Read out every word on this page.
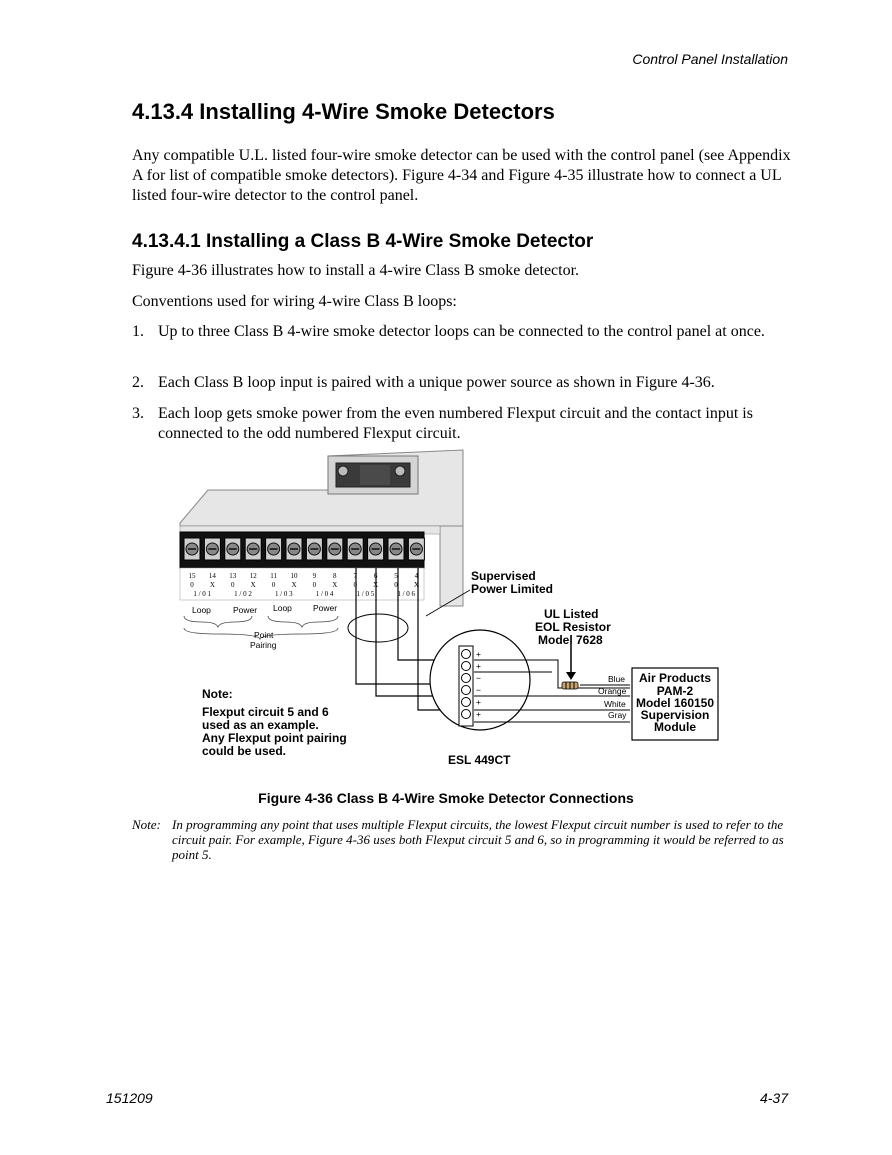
Control Panel Installation
4.13.4 Installing 4-Wire Smoke Detectors

Any compatible U.L. listed four-wire smoke detector can be used with the control panel (see Appendix A for list of compatible smoke detectors). Figure 4-34 and Figure 4-35 illustrate how to connect a UL listed four-wire detector to the control panel.

4.13.4.1 Installing a Class B 4-Wire Smoke Detector

Figure 4-36 illustrates how to install a 4-wire Class B smoke detector.

Conventions used for wiring 4-wire Class B loops:

1. Up to three Class B 4-wire smoke detector loops can be connected to the control panel at once.
2. Each Class B loop input is paired with a unique power source as shown in Figure 4-36.
3. Each loop gets smoke power from the even numbered Flexput circuit and the contact input is connected to the odd numbered Flexput circuit.
15
0
14
X
13
0
12
X
11
0
10
X
9
0
8
X
7
0
6
X
5
0
4
X
1 / 0 1	1 / 0 2	1 / 0 3	1 / 0 4	1 / 0 5	1 / 0 6
Loop	Power Loop Power
Point
Pairing
Supervised
Power Limited
+
+
−
−
+
+
UL Listed
EOL Resistor
Model 7628
Blue
Orange
White
Gray
Air Products
PAM-2
Model 160150
Supervision
Module
Note:
Flexput circuit 5 and 6
used as an example.
Any Flexput point pairing
could be used.
ESL 449CT
Figure 4-36 Class B 4-Wire Smoke Detector Connections
Note: In programming any point that uses multiple Flexput circuits, the lowest Flexput circuit number is used to refer to the circuit pair. For example, Figure 4-36 uses both Flexput circuit 5 and 6, so in programming it would be referred to as point 5.
151209	4-37
